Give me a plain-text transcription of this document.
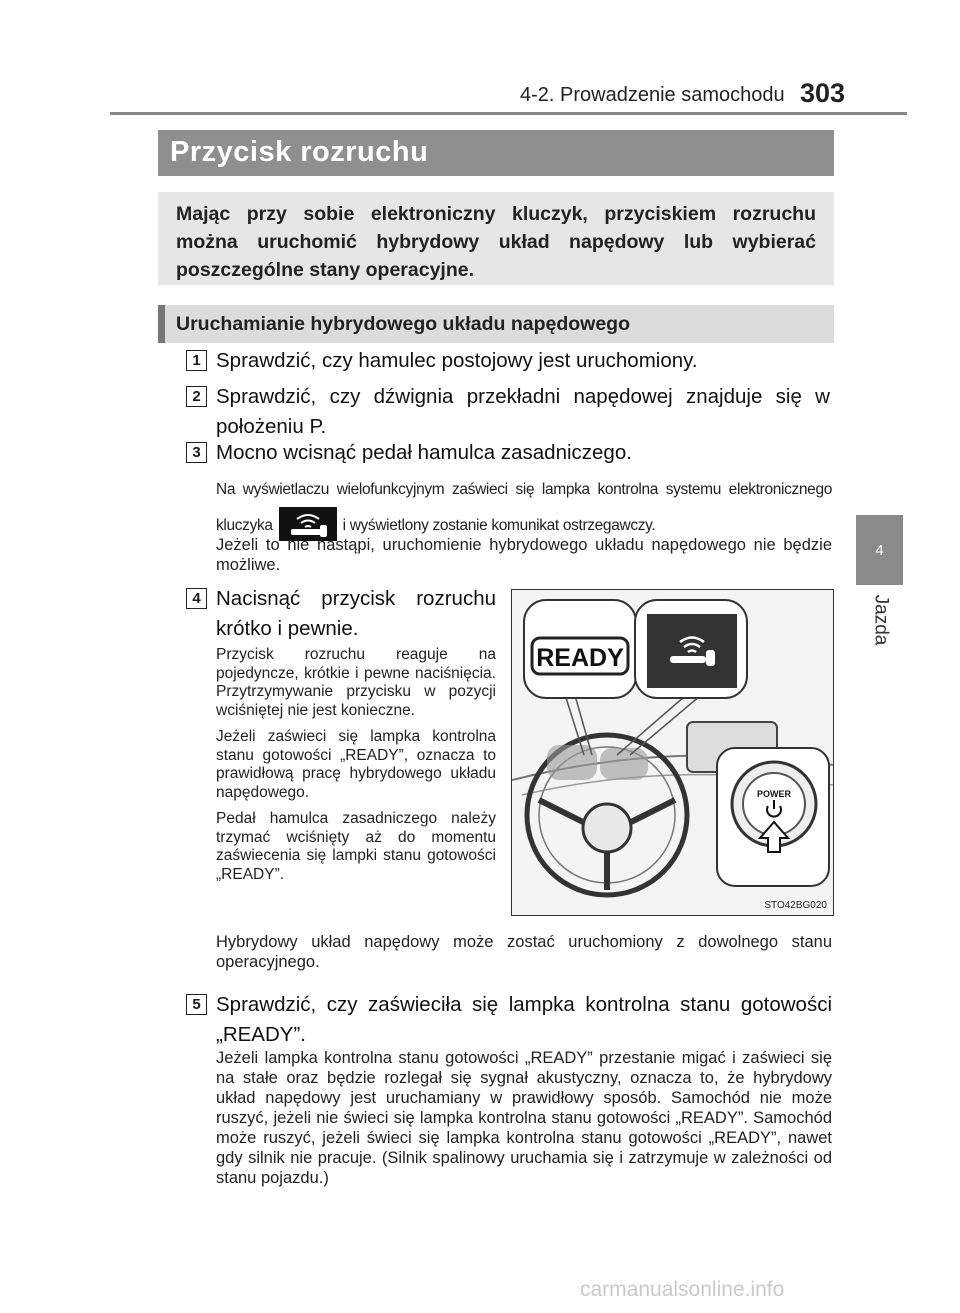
4-2. Prowadzenie samochodu 303
4
Jazda
Przycisk rozruchu

Mając przy sobie elektroniczny kluczyk, przyciskiem rozruchu można uruchomić hybrydowy układ napędowy lub wybierać poszczególne stany operacyjne.

Uruchamianie hybrydowego układu napędowego
1 Sprawdzić, czy hamulec postojowy jest uruchomiony.
2 Sprawdzić, czy dźwignia przekładni napędowej znajduje się w położeniu P.
3 Mocno wcisnąć pedał hamulca zasadniczego.
Na wyświetlaczu wielofunkcyjnym zaświeci się lampka kontrolna systemu elektronicznego kluczyka	i wyświetlony zostanie komunikat ostrzegawczy.
Jeżeli to nie nastąpi, uruchomienie hybrydowego układu napędowego nie będzie możliwe.
4 Nacisnąć przycisk rozruchu krótko i pewnie.

Przycisk rozruchu reaguje na pojedyncze, krótkie i pewne naciśnięcia. Przytrzymywanie przycisku w pozycji wciśniętej nie jest konieczne.

Jeżeli zaświeci się lampka kontrolna stanu gotowości „READY”, oznacza to prawidłową pracę hybrydowego układu napędowego.

Pedał hamulca zasadniczego należy trzymać wciśnięty aż do momentu zaświecenia się lampki stanu gotowości „READY”.

Hybrydowy układ napędowy może zostać uruchomiony z dowolnego stanu operacyjnego.
READY
POWER
STO42BG020
5 Sprawdzić, czy zaświeciła się lampka kontrolna stanu gotowości „READY”.
Jeżeli lampka kontrolna stanu gotowości „READY” przestanie migać i zaświeci się na stałe oraz będzie rozlegał się sygnał akustyczny, oznacza to, że hybrydowy układ napędowy jest uruchamiany w prawidłowy sposób. Samochód nie może ruszyć, jeżeli nie świeci się lampka kontrolna stanu gotowości „READY”. Samochód może ruszyć, jeżeli świeci się lampka kontrolna stanu gotowości „READY”, nawet gdy silnik nie pracuje. (Silnik spalinowy uruchamia się i zatrzymuje w zależności od stanu pojazdu.)
carmanualsonline.info
